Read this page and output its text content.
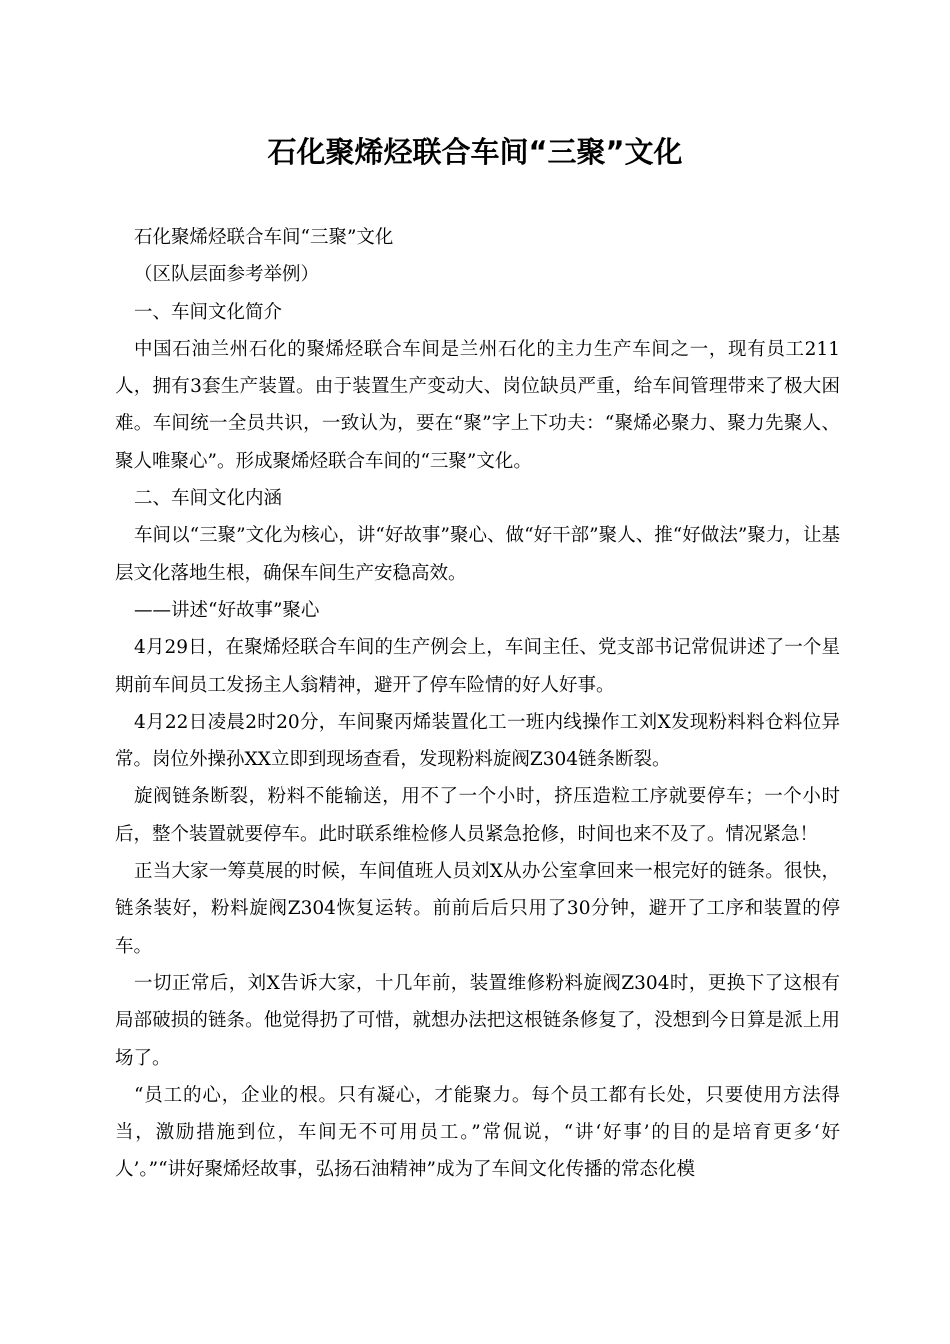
石化聚烯烃联合车间“三聚”文化

石化聚烯烃联合车间“三聚”文化

（区队层面参考举例）

一、车间文化简介

中国石油兰州石化的聚烯烃联合车间是兰州石化的主力生产车间之一，现有员工211人，拥有3套生产装置。由于装置生产变动大、岗位缺员严重，给车间管理带来了极大困难。车间统一全员共识，一致认为，要在“聚”字上下功夫：“聚烯必聚力、聚力先聚人、聚人唯聚心”。形成聚烯烃联合车间的“三聚”文化。

二、车间文化内涵

车间以“三聚”文化为核心，讲“好故事”聚心、做“好干部”聚人、推“好做法”聚力，让基层文化落地生根，确保车间生产安稳高效。

——讲述“好故事”聚心

4月29日，在聚烯烃联合车间的生产例会上，车间主任、党支部书记常侃讲述了一个星期前车间员工发扬主人翁精神，避开了停车险情的好人好事。

4月22日凌晨2时20分，车间聚丙烯装置化工一班内线操作工刘X发现粉料料仓料位异常。岗位外操孙XX立即到现场查看，发现粉料旋阀Z304链条断裂。

旋阀链条断裂，粉料不能输送，用不了一个小时，挤压造粒工序就要停车；一个小时后，整个装置就要停车。此时联系维检修人员紧急抢修，时间也来不及了。情况紧急！

正当大家一筹莫展的时候，车间值班人员刘X从办公室拿回来一根完好的链条。很快，链条装好，粉料旋阀Z304恢复运转。前前后后只用了30分钟，避开了工序和装置的停车。

一切正常后，刘X告诉大家，十几年前，装置维修粉料旋阀Z304时，更换下了这根有局部破损的链条。他觉得扔了可惜，就想办法把这根链条修复了，没想到今日算是派上用场了。

“员工的心，企业的根。只有凝心，才能聚力。每个员工都有长处，只要使用方法得当，激励措施到位，车间无不可用员工。”常侃说，“讲‘好事’的目的是培育更多‘好人’。”“讲好聚烯烃故事，弘扬石油精神”成为了车间文化传播的常态化模
